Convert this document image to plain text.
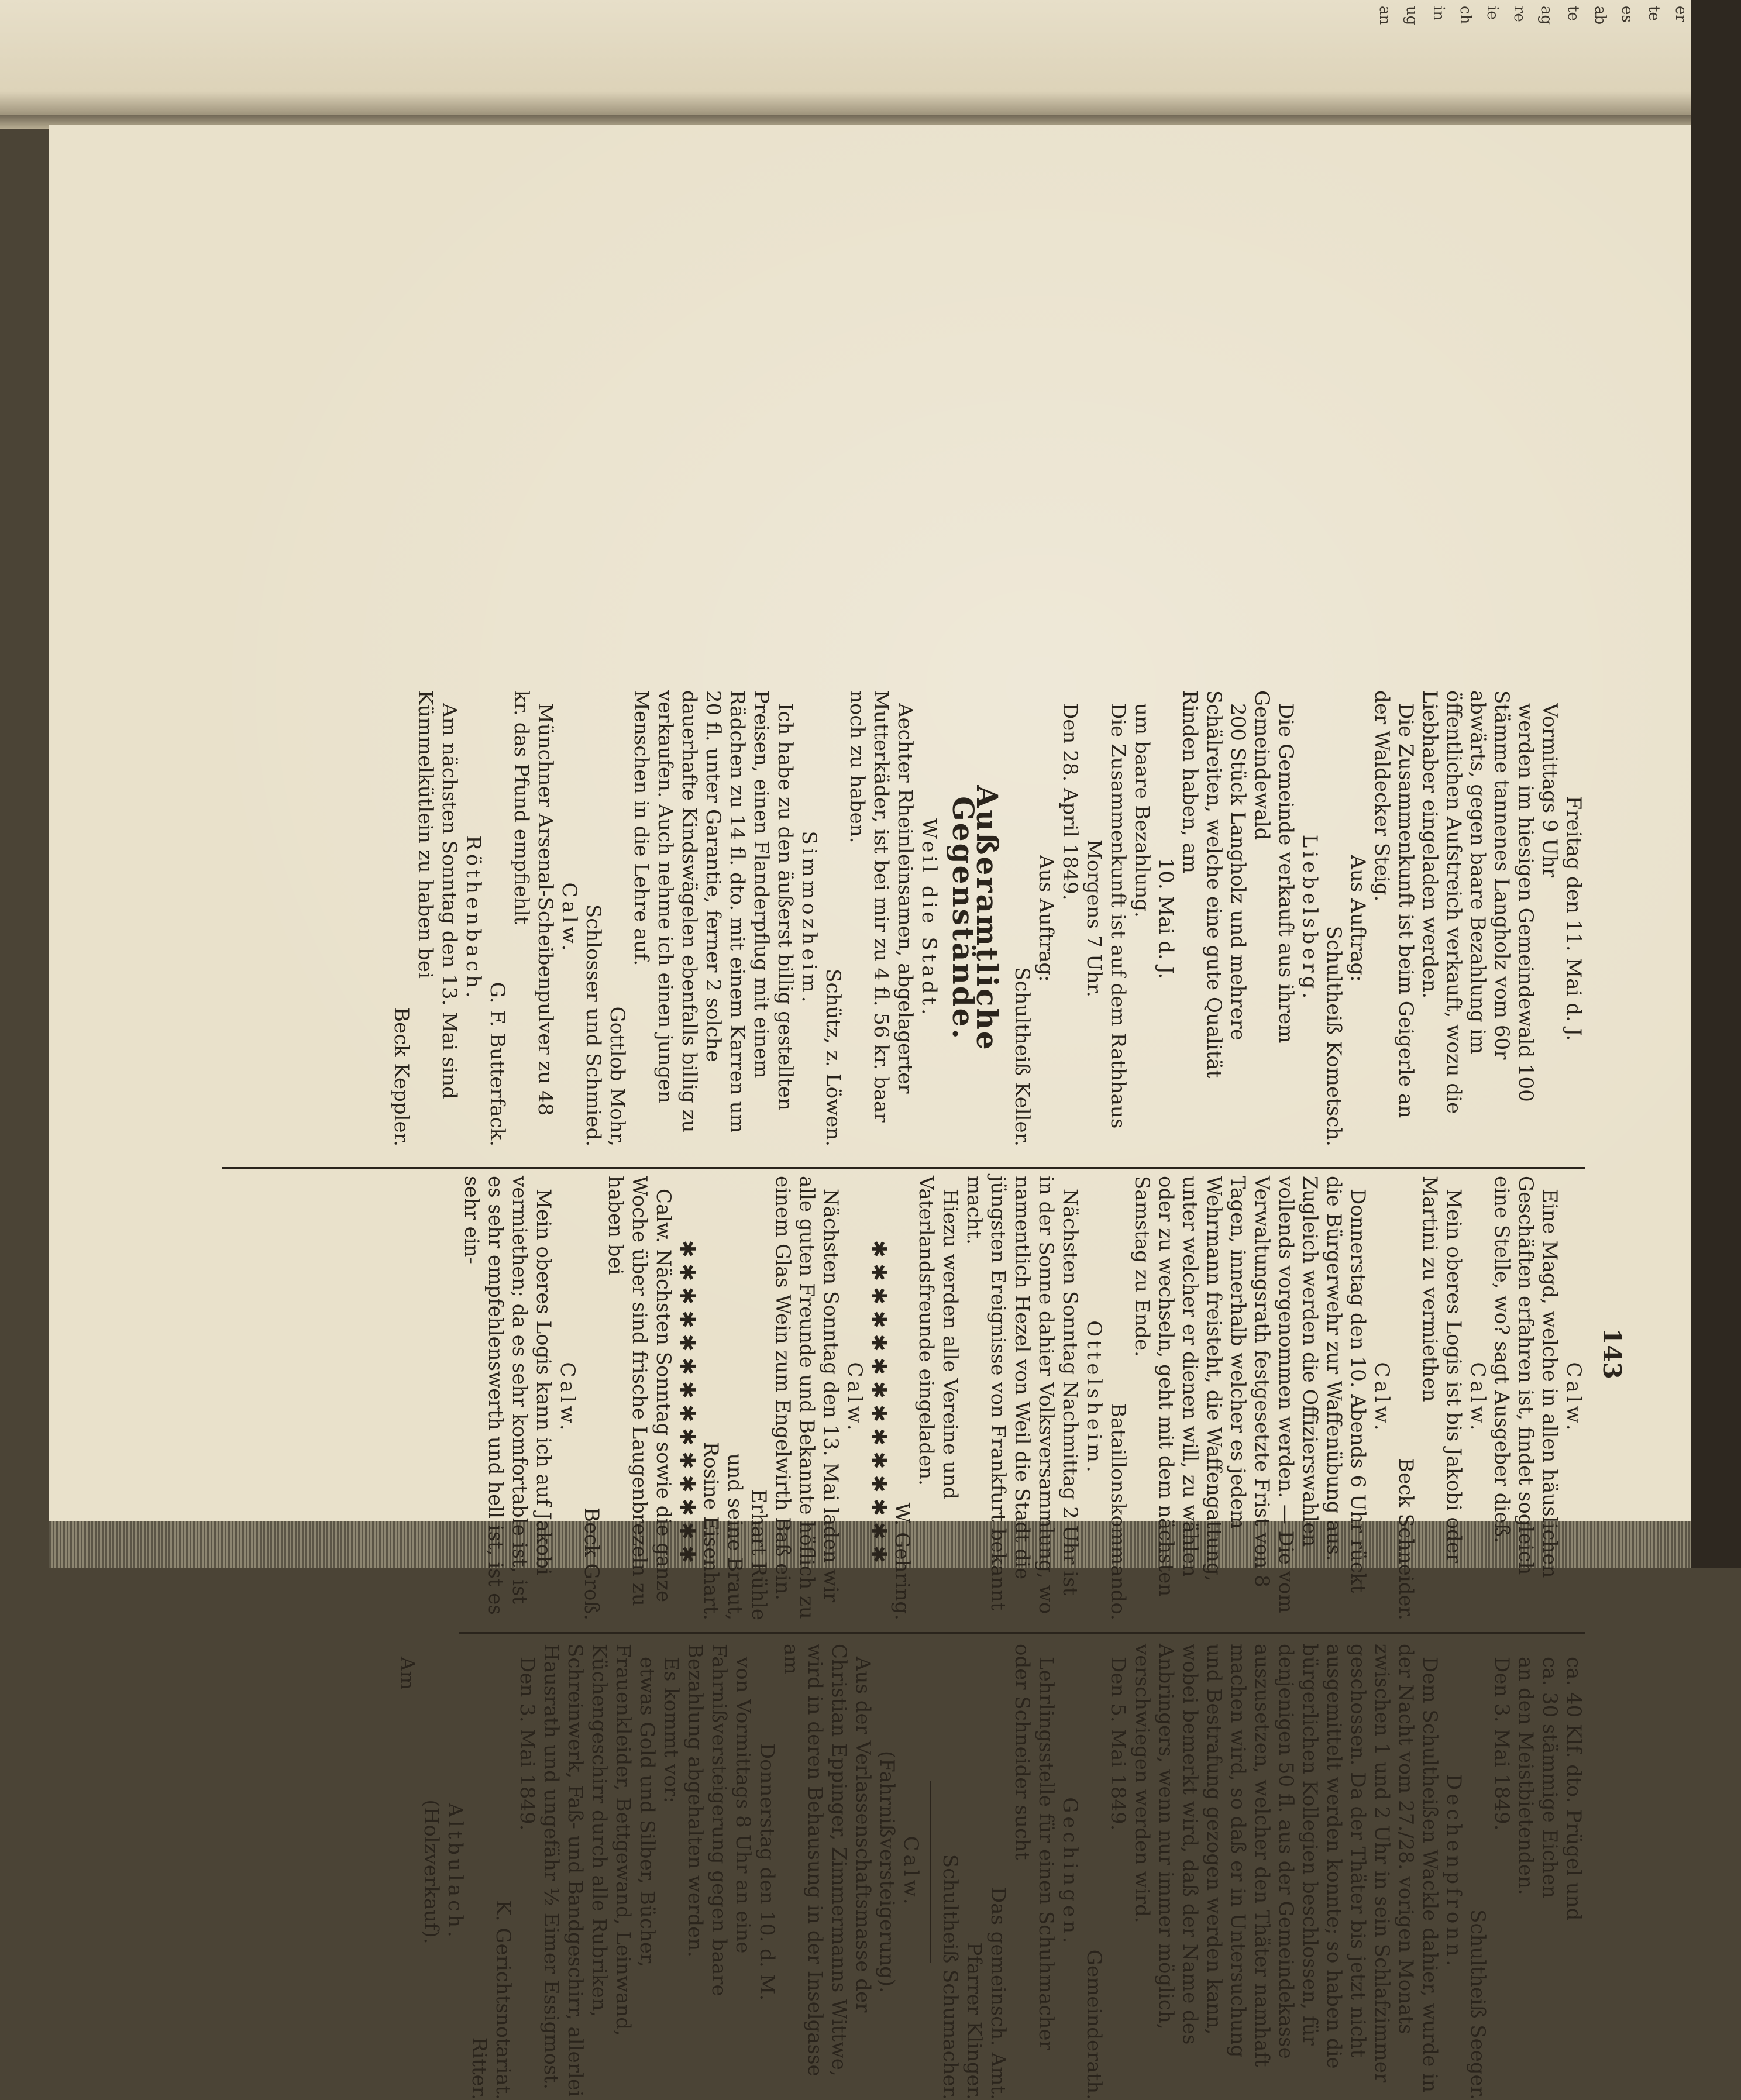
er
te
es
ab
te
ag
re
ie
ch
in
ug
an
143

Freitag den 11. Mai d. J.

Vormittags 9 Uhr

werden im hiesigen Gemeindewald 100 Stämme tannenes Langholz vom 60r abwärts, gegen baare Bezahlung im öffentlichen Aufstreich verkauft, wozu die Liebhaber eingeladen werden.

Die Zusammenkunft ist beim Geigerle an der Waldecker Steig.

Aus Auftrag:

Schultheiß Kometsch.

Liebelsberg.

Die Gemeinde verkauft aus ihrem Gemeindewald

200 Stück Langholz und mehrere Schälreiten, welche eine gute Qualität Rinden haben, am

10. Mai d. J.

um baare Bezahlung.

Die Zusammenkunft ist auf dem Rathhaus

Morgens 7 Uhr.

Den 28. April 1849.

Aus Auftrag:

Schultheiß Keller.

Außeramtliche Gegenstände.

Weil die Stadt.

Aechter Rheinleinsamen, abgelagerter Mutterkäder, ist bei mir zu 4 fl. 56 kr. baar noch zu haben.

Schütz, z. Löwen.

Simmozheim.

Ich habe zu den äußerst billig gestellten Preisen, einen Flanderpflug mit einem Rädchen zu 14 fl. dto. mit einem Karren um 20 fl. unter Garantie, ferner 2 solche dauerhafte Kindswägelen ebenfalls billig zu verkaufen. Auch nehme ich einen jungen Menschen in die Lehre auf.

Gottlob Mohr,

Schlosser und Schmied.

Calw.

Münchner Arsenal-Scheibenpulver zu 48 kr. das Pfund empfiehlt

G. F. Butterfack.

Röthenbach.

Am nächsten Sonntag den 13. Mai sind Kümmelkütlein zu haben bei

Beck Keppler.

Calw.

Eine Magd, welche in allen häuslichen Geschäften erfahren ist, findet sogleich eine Stelle, wo? sagt Ausgeber dieß.

Calw.

Mein oberes Logis ist bis Jakobi oder Martini zu vermiethen

Beck Schneider.

Calw.

Donnerstag den 10. Abends 6 Uhr rückt die Bürgerwehr zur Waffenübung aus. Zugleich werden die Offizierswahlen vollends vorgenommen werden. — Die vom Verwaltungsrath festgesetzte Frist von 8 Tagen, innerhalb welcher es jedem Wehrmann freisteht, die Waffengattung, unter welcher er dienen will, zu wählen oder zu wechseln, geht mit dem nächsten Samstag zu Ende.

Bataillonskommando.

Ottelsheim.

Nächsten Sonntag Nachmittag 2 Uhr ist in der Sonne dahier Volksversammlung, wo namentlich Hezel von Weil die Stadt die jüngsten Ereignisse von Frankfurt bekannt macht.

Hiezu werden alle Vereine und Vaterlandsfreunde eingeladen.

W. Gehring.

✱✱✱✱✱✱✱✱✱✱✱✱✱✱

Calw.

Nächsten Sonntag den 13. Mai laden wir alle guten Freunde und Bekannte höflich zu einem Glas Wein zum Engelwirth Baß ein.

Erhart Rühle

und seine Braut,

Rosine Eisenhart.

✱✱✱✱✱✱✱✱✱✱✱✱✱✱

Calw. Nächsten Sonntag sowie die ganze Woche über sind frische Laugenbrezeln zu haben bei

Beck Groß.

Calw.

Mein oberes Logis kann ich auf Jakobi vermiethen; da es sehr komfortable ist, ist es sehr empfehlenswerth und hell ist, ist es sehr ein-

ca. 40 Klf. dto. Prügel und

ca. 30 stämmige Eichen

an den Meistbietenden.

Den 3. Mai 1849.

Schultheiß Seeger.

Dechenpfronn.

Dem Schultheißen Wackle dahier, wurde in der Nacht vom 27./28. vorigen Monats zwischen 1 und 2 Uhr in sein Schlafzimmer geschossen. Da der Thäter bis jetzt nicht ausgemittelt werden konnte; so haben die bürgerlichen Kollegien beschlossen, für denjenigen 50 fl. aus der Gemeindekasse auszusetzen, welcher den Thäter namhaft machen wird, so daß er in Untersuchung und Bestrafung gezogen werden kann, wobei bemerkt wird, daß der Name des Anbringers, wenn nur immer möglich, verschwiegen werden wird.

Den 5. Mai 1849.

Gemeinderath.

Gechingen.

Lehrlingsstelle für einen Schuhmacher oder Schneider sucht

Das gemeinsch. Amt.

Pfarrer Klinger.

Schultheiß Schumacher.

Calw.

(Fahrnißversteigerung).

Aus der Verlassenschaftsmasse der Christian Eppinger, Zimmermanns Wittwe, wird in deren Behausung in der Inselgasse am

Donnerstag den 10. d. M.

von Vormittags 8 Uhr an eine Fahrnißversteigerung gegen baare Bezahlung abgehalten werden.

Es kommt vor:

etwas Gold und Silber, Bücher, Frauenkleider, Bettgewand, Leinwand, Küchengeschirr durch alle Rubriken, Schreinwerk, Faß- und Bandgeschirr, allerlei Hausrath und ungefähr ½ Eimer Essigmost.

Den 3. Mai 1849.

K. Gerichtsnotariat.

Ritter.

Altbulach.

(Holzverkauf).

Am
